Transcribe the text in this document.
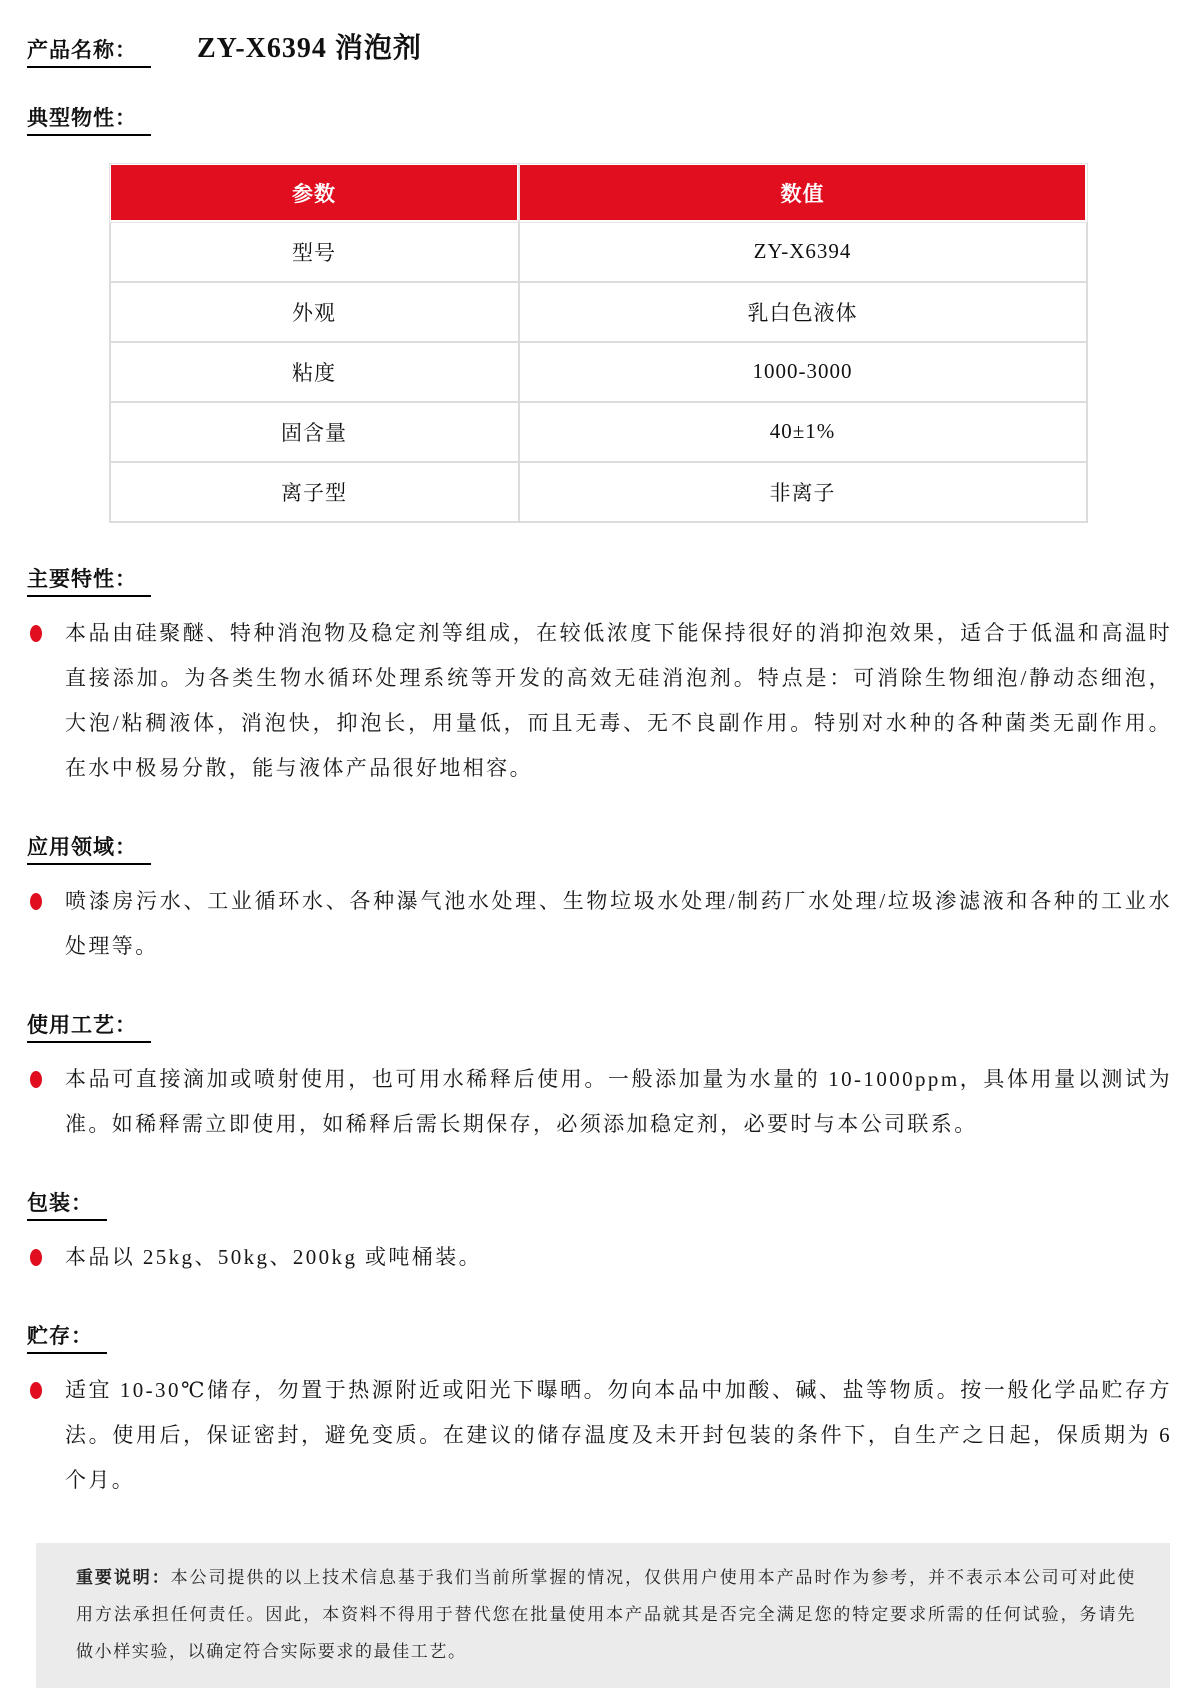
产品名称：	ZY-X6394 消泡剂
典型物性：
参数	数值
型号	ZY-X6394
外观	乳白色液体
粘度	1000-3000
固含量	40±1%
离子型	非离子
主要特性：

本品由硅聚醚、特种消泡物及稳定剂等组成，在较低浓度下能保持很好的消抑泡效果，适合于低温和高温时直接添加。为各类生物水循环处理系统等开发的高效无硅消泡剂。特点是：可消除生物细泡/静动态细泡，大泡/粘稠液体，消泡快，抑泡长，用量低，而且无毒、无不良副作用。特别对水种的各种菌类无副作用。在水中极易分散，能与液体产品很好地相容。

应用领域：

喷漆房污水、工业循环水、各种瀑气池水处理、生物垃圾水处理/制药厂水处理/垃圾渗滤液和各种的工业水处理等。

使用工艺：

本品可直接滴加或喷射使用，也可用水稀释后使用。一般添加量为水量的 10-1000ppm，具体用量以测试为准。如稀释需立即使用，如稀释后需长期保存，必须添加稳定剂，必要时与本公司联系。

包装：

本品以 25kg、50kg、200kg 或吨桶装。

贮存：

适宜 10-30℃储存，勿置于热源附近或阳光下曝晒。勿向本品中加酸、碱、盐等物质。按一般化学品贮存方法。使用后，保证密封，避免变质。在建议的储存温度及未开封包装的条件下，自生产之日起，保质期为 6 个月。

重要说明：本公司提供的以上技术信息基于我们当前所掌握的情况，仅供用户使用本产品时作为参考，并不表示本公司可对此使用方法承担任何责任。因此，本资料不得用于替代您在批量使用本产品就其是否完全满足您的特定要求所需的任何试验，务请先做小样实验，以确定符合实际要求的最佳工艺。
